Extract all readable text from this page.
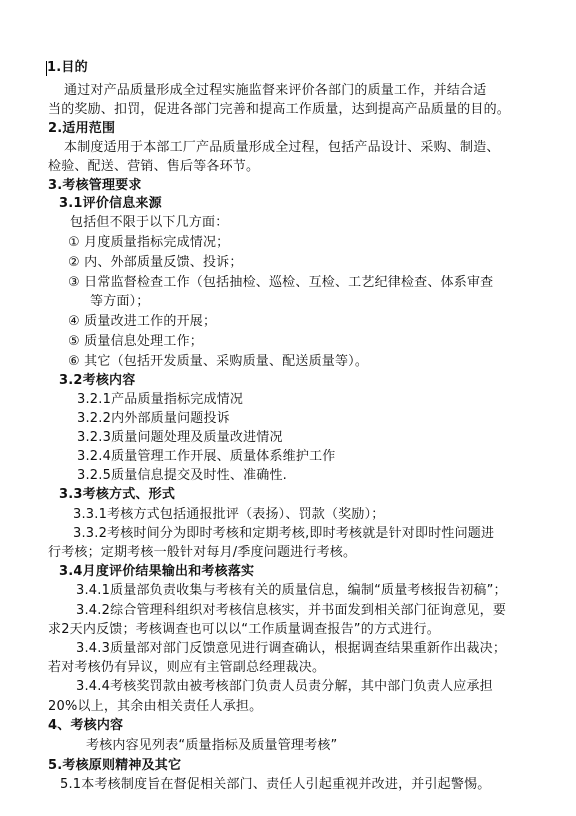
1.目的
通过对产品质量形成全过程实施监督来评价各部门的质量工作，并结合适
当的奖励、扣罚，促进各部门完善和提高工作质量，达到提高产品质量的目的。
2.适用范围
本制度适用于本部工厂产品质量形成全过程，包括产品设计、采购、制造、
检验、配送、营销、售后等各环节。
3.考核管理要求
3.1评价信息来源
包括但不限于以下几方面：
① 月度质量指标完成情况；
② 内、外部质量反馈、投诉；
③ 日常监督检查工作（包括抽检、巡检、互检、工艺纪律检查、体系审查
等方面）；
④ 质量改进工作的开展；
⑤ 质量信息处理工作；
⑥ 其它（包括开发质量、采购质量、配送质量等）。
3.2考核内容
3.2.1产品质量指标完成情况
3.2.2内外部质量问题投诉
3.2.3质量问题处理及质量改进情况
3.2.4质量管理工作开展、质量体系维护工作
3.2.5质量信息提交及时性、准确性.
3.3考核方式、形式
3.3.1考核方式包括通报批评（表扬）、罚款（奖励）；
3.3.2考核时间分为即时考核和定期考核,即时考核就是针对即时性问题进
行考核；定期考核一般针对每月/季度问题进行考核。
3.4月度评价结果输出和考核落实
3.4.1质量部负责收集与考核有关的质量信息，编制“质量考核报告初稿”；
3.4.2综合管理科组织对考核信息核实，并书面发到相关部门征询意见，要
求2天内反馈；考核调查也可以以“工作质量调查报告”的方式进行。
3.4.3质量部对部门反馈意见进行调查确认，根据调查结果重新作出裁决；
若对考核仍有异议，则应有主管副总经理裁决。
3.4.4考核奖罚款由被考核部门负责人员责分解，其中部门负责人应承担
20%以上，其余由相关责任人承担。
4、考核内容
考核内容见列表“质量指标及质量管理考核”
5.考核原则精神及其它
5.1本考核制度旨在督促相关部门、责任人引起重视并改进，并引起警惕。
